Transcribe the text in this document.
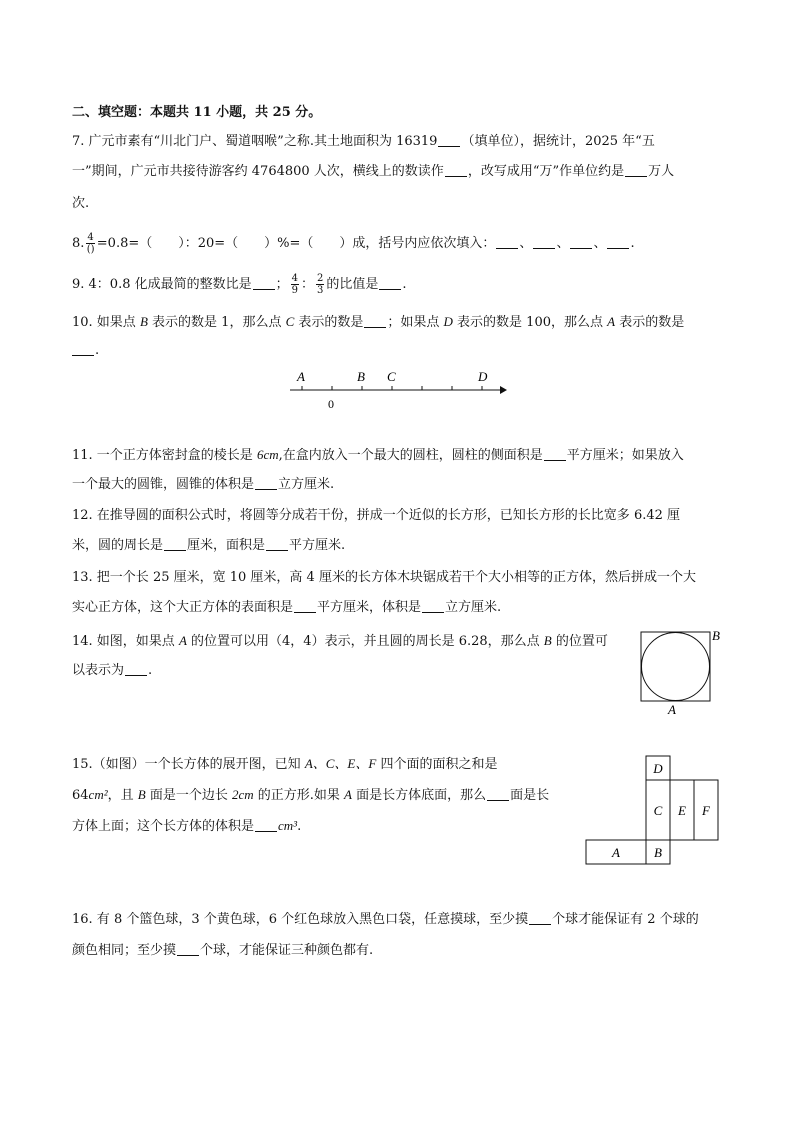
二、填空题：本题共 11 小题，共 25 分。
7. 广元市素有“川北门户、蜀道咽喉”之称.其土地面积为 16319 （填单位），据统计，2025 年“五
一”期间，广元市共接待游客约 4764800 人次，横线上的数读作 ，改写成用“万”作单位约是 万人
次.
8. $\frac{4}{()} =0.8=$（　　）：20=（　　）%=（　　）成，括号内应依次填入： 、 、 、 .
9. 4：0.8 化成最简的整数比是 ； $\frac{4}{9}$ ： $\frac{2}{3}$ 的比值是 .
10. 如果点 B 表示的数是 1，那么点 C 表示的数是 ；如果点 D 表示的数是 100，那么点 A 表示的数是
.
A	B C	D
0
11. 一个正方体密封盒的棱长是 6cm,在盒内放入一个最大的圆柱，圆柱的侧面积是 平方厘米；如果放入
一个最大的圆锥，圆锥的体积是 立方厘米.
12. 在推导圆的面积公式时，将圆等分成若干份，拼成一个近似的长方形，已知长方形的长比宽多 6.42 厘
米，圆的周长是 厘米，面积是 平方厘米.
13. 把一个长 25 厘米，宽 10 厘米，高 4 厘米的长方体木块锯成若干个大小相等的正方体，然后拼成一个大
实心正方体，这个大正方体的表面积是 平方厘米，体积是 立方厘米.
14. 如图，如果点 A 的位置可以用（4，4）表示，并且圆的周长是 6.28，那么点 B 的位置可
以表示为 .
B
A
15.（如图）一个长方体的展开图，已知 A、C、E、F 四个面的面积之和是
64cm²，且 B 面是一个边长 2cm 的正方形.如果 A 面是长方体底面，那么 面是长
方体上面；这个长方体的体积是 cm³.
D
C E F
A	B
16. 有 8 个篮色球，3 个黄色球，6 个红色球放入黑色口袋，任意摸球，至少摸 个球才能保证有 2 个球的
颜色相同；至少摸 个球，才能保证三种颜色都有.
